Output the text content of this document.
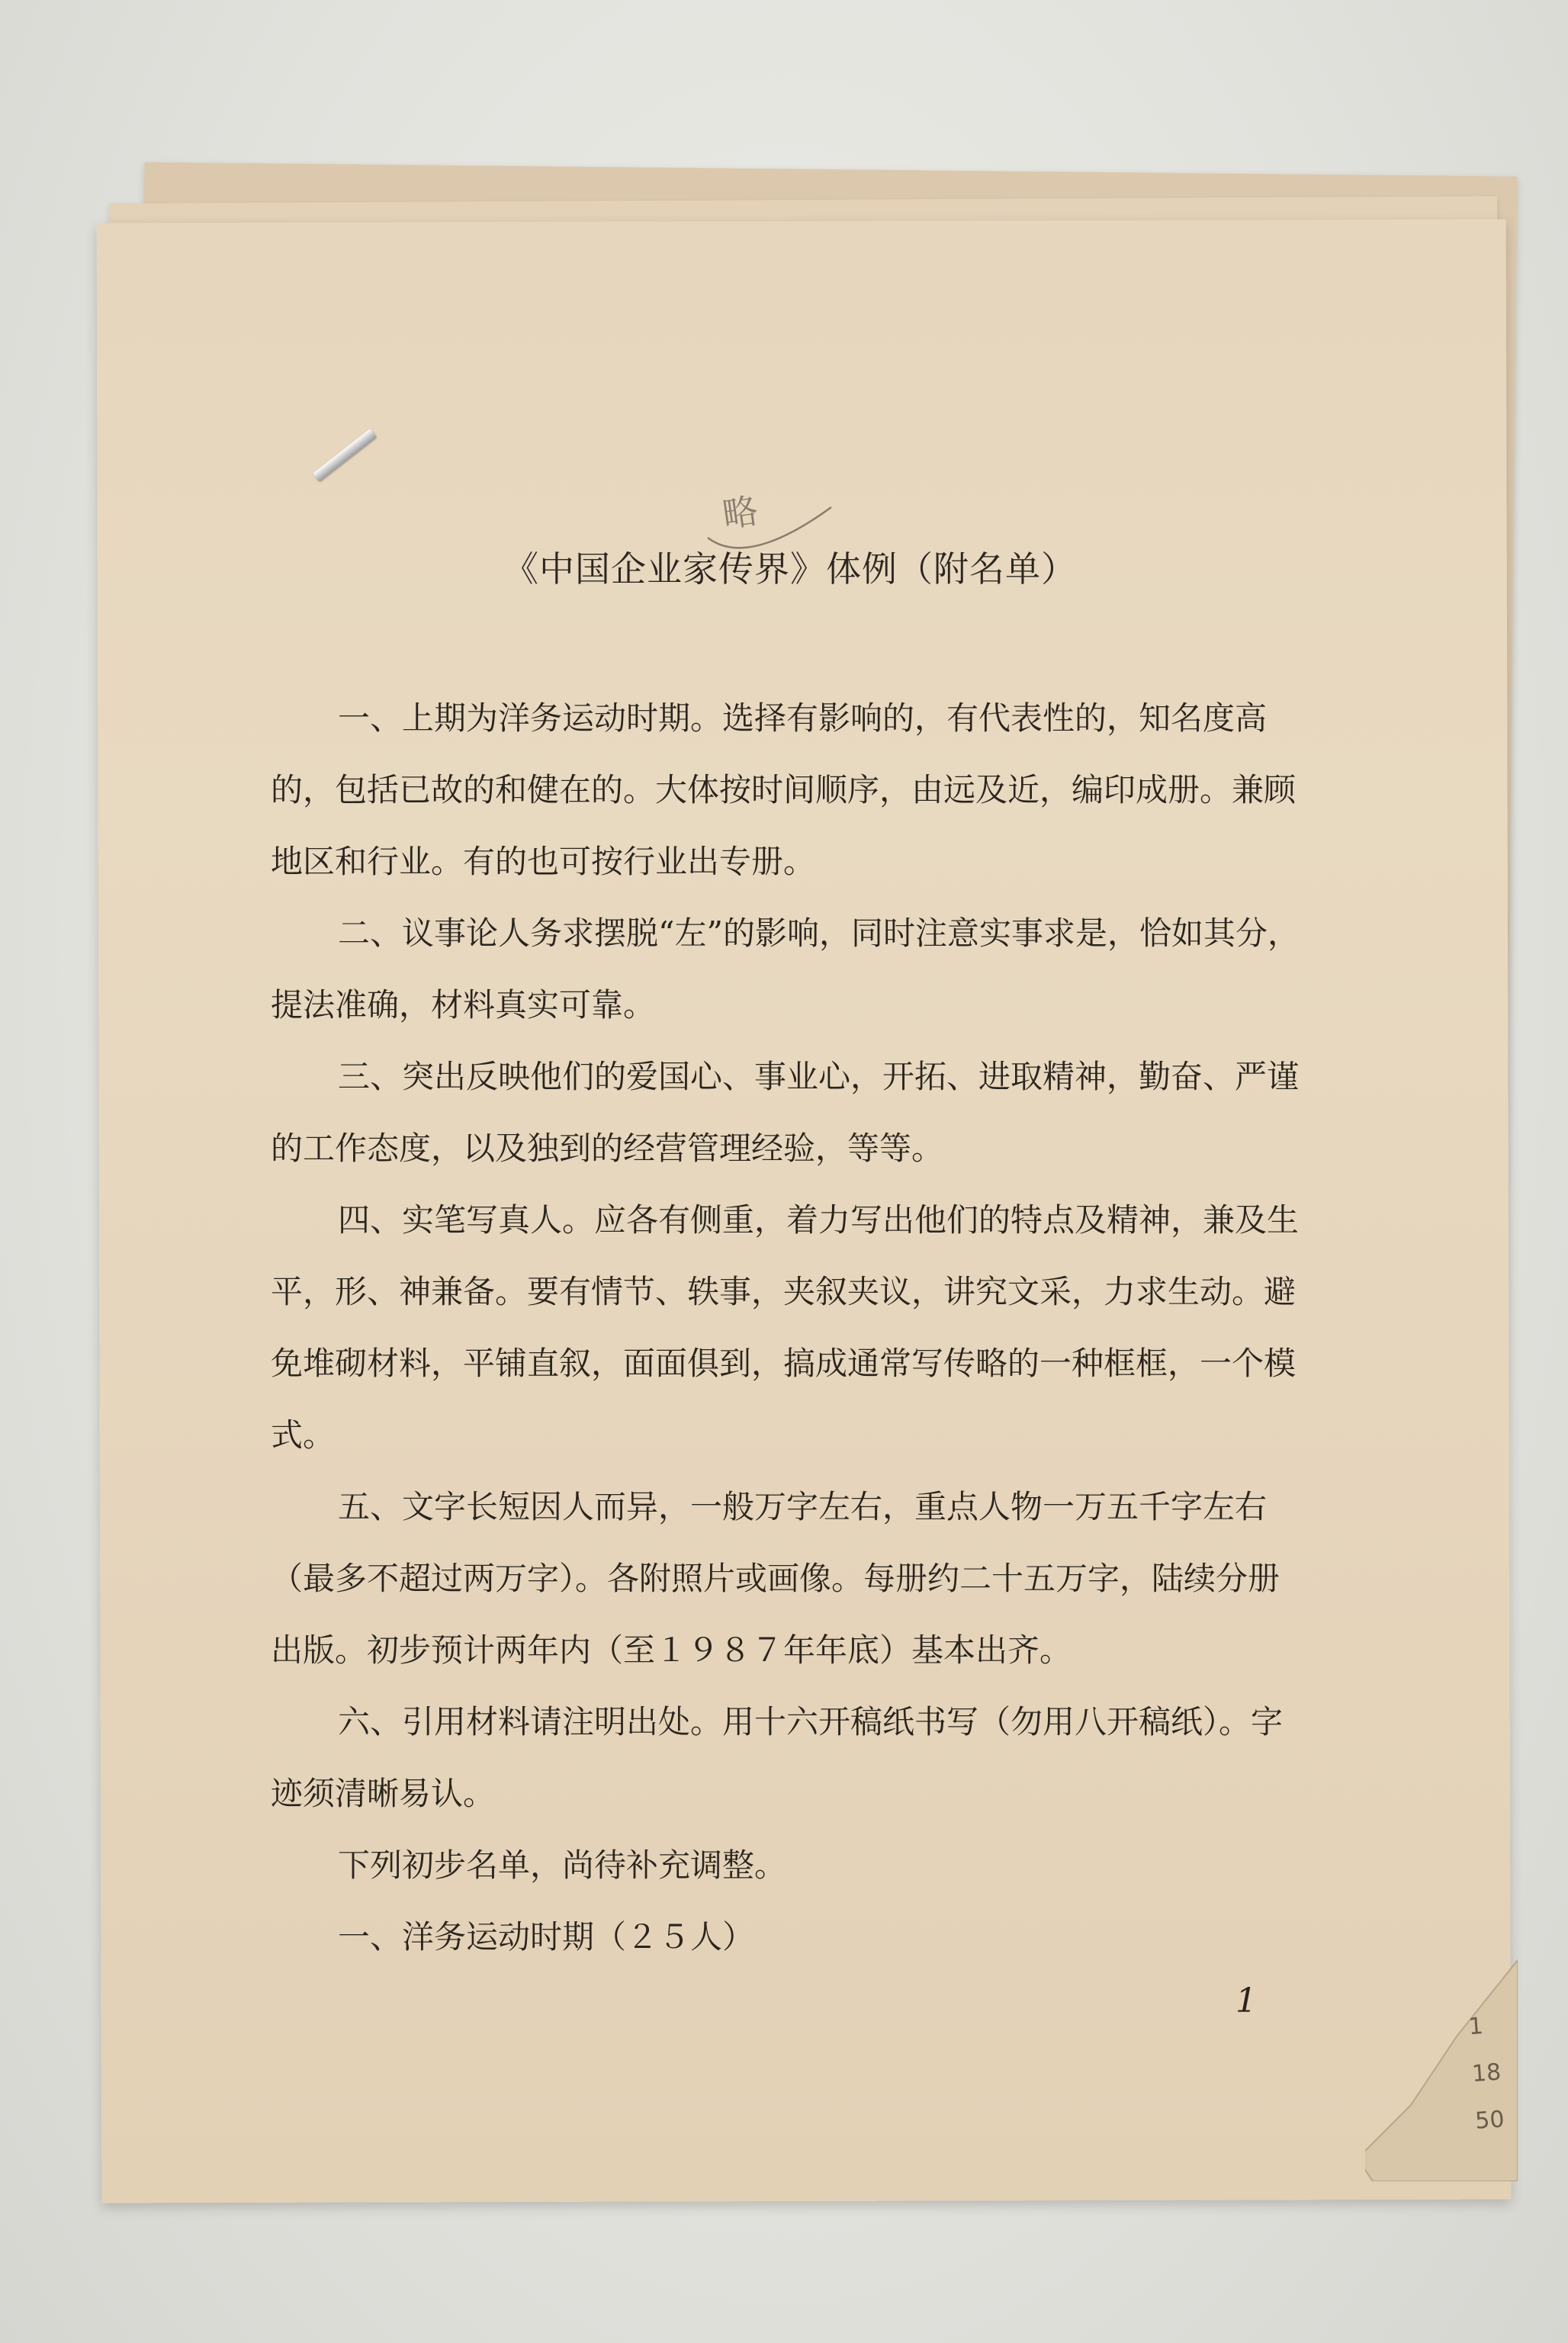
略
《中国企业家传界》体例（附名单）

一、上期为洋务运动时期。选择有影响的，有代表性的，知名度高的，包括已故的和健在的。大体按时间顺序，由远及近，编印成册。兼顾地区和行业。有的也可按行业出专册。

二、议事论人务求摆脱“左”的影响，同时注意实事求是，恰如其分，提法准确，材料真实可靠。

三、突出反映他们的爱国心、事业心，开拓、进取精神，勤奋、严谨的工作态度，以及独到的经营管理经验，等等。

四、实笔写真人。应各有侧重，着力写出他们的特点及精神，兼及生平，形、神兼备。要有情节、轶事，夹叙夹议，讲究文采，力求生动。避免堆砌材料，平铺直叙，面面俱到，搞成通常写传略的一种框框，一个模式。

五、文字长短因人而异，一般万字左右，重点人物一万五千字左右（最多不超过两万字）。各附照片或画像。每册约二十五万字，陆续分册出版。初步预计两年内（至１９８７年年底）基本出齐。

六、引用材料请注明出处。用十六开稿纸书写（勿用八开稿纸）。字迹须清晰易认。

下列初步名单，尚待补充调整。

一、洋务运动时期（２５人）

1
1
18
50
